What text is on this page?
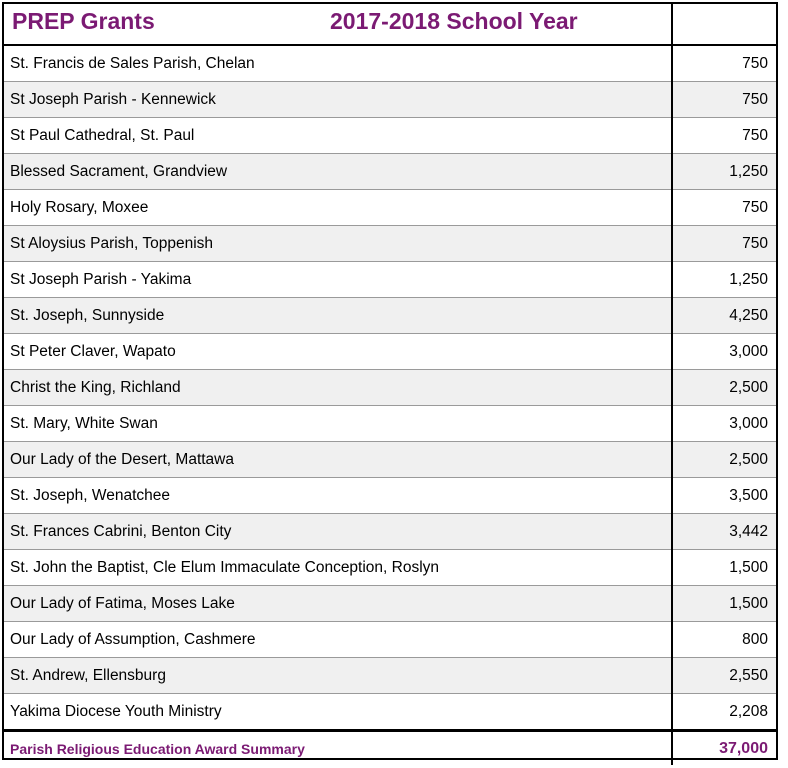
PREP Grants 2017-2018 School Year	

St. Francis de Sales Parish, Chelan	750
St Joseph Parish - Kennewick	750
St Paul Cathedral, St. Paul	750
Blessed Sacrament, Grandview	1,250
Holy Rosary, Moxee	750
St Aloysius Parish, Toppenish	750
St Joseph Parish - Yakima	1,250
St. Joseph, Sunnyside	4,250
St Peter Claver, Wapato	3,000
Christ the King, Richland	2,500
St. Mary, White Swan	3,000
Our Lady of the Desert, Mattawa	2,500
St. Joseph, Wenatchee	3,500
St. Frances Cabrini, Benton City	3,442
St. John the Baptist, Cle Elum Immaculate Conception, Roslyn	1,500
Our Lady of Fatima, Moses Lake	1,500
Our Lady of Assumption, Cashmere	800
St. Andrew, Ellensburg	2,550
Yakima Diocese Youth Ministry	2,208
Parish Religious Education Award Summary	37,000
